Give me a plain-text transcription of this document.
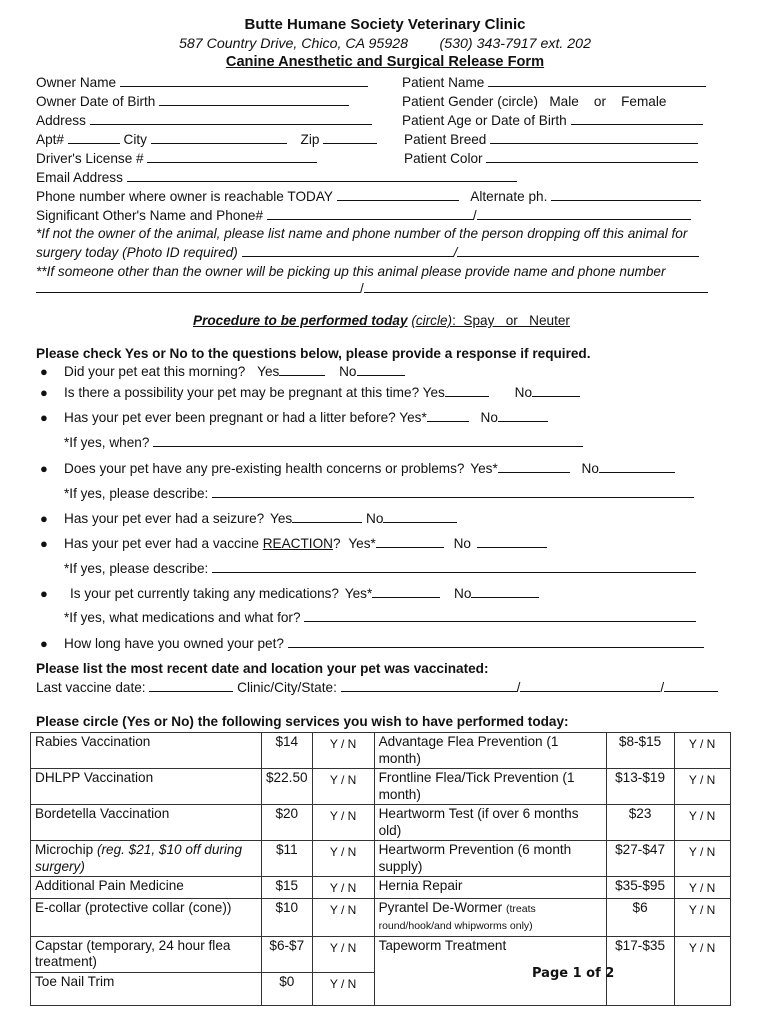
Butte Humane Society Veterinary Clinic
587 Country Drive, Chico, CA 95928        (530) 343-7917 ext. 202
Canine Anesthetic and Surgical Release Form
Owner Name	Patient Name
Owner Date of Birth	Patient Gender (circle)   Male    or    Female
Address	Patient Age or Date of Birth
Apt#	City	Zip	Patient Breed
Driver's License #	Patient Color
Email Address
Phone number where owner is reachable TODAY	Alternate ph.
Significant Other's Name and Phone#	/
*If not the owner of the animal, please list name and phone number of the person dropping off this animal for
surgery today (Photo ID required)	/
**If someone other than the owner will be picking up this animal please provide name and phone number
/
Procedure to be performed today (circle):  Spay   or   Neuter
Please check Yes or No to the questions below, please provide a response if required.
● Did your pet eat this morning? Yes	No
● Is there a possibility your pet may be pregnant at this time? Yes	No
● Has your pet ever been pregnant or had a litter before? Yes*	No
*If yes, when?
● Does your pet have any pre-existing health concerns or problems? Yes*	No
*If yes, please describe:
● Has your pet ever had a seizure? Yes	No
● Has your pet ever had a vaccine REACTION? Yes*	No
*If yes, please describe:
● Is your pet currently taking any medications? Yes*	No
*If yes, what medications and what for?
● How long have you owned your pet?
Please list the most recent date and location your pet was vaccinated:
Last vaccine date:	Clinic/City/State:	/	/
Please circle (Yes or No) the following services you wish to have performed today:
Rabies Vaccination	$14	Y / N	Advantage Flea Prevention (1 month)	$8-$15	Y / N
DHLPP Vaccination	$22.50	Y / N	Frontline Flea/Tick Prevention (1 month)	$13-$19	Y / N
Bordetella Vaccination	$20	Y / N	Heartworm Test (if over 6 months old)	$23	Y / N
Microchip (reg. $21, $10 off during surgery)	$11	Y / N	Heartworm Prevention (6 month supply)	$27-$47	Y / N
Additional Pain Medicine	$15	Y / N	Hernia Repair	$35-$95	Y / N
E-collar (protective collar (cone))	$10	Y / N	Pyrantel De-Wormer (treats round/hook/and whipworms only)	$6	Y / N
Capstar (temporary, 24 hour flea treatment)	$6-$7	Y / N	Tapeworm Treatment	$17-$35	Y / N
Toe Nail Trim	$0	Y / N			
Page 1 of 2
